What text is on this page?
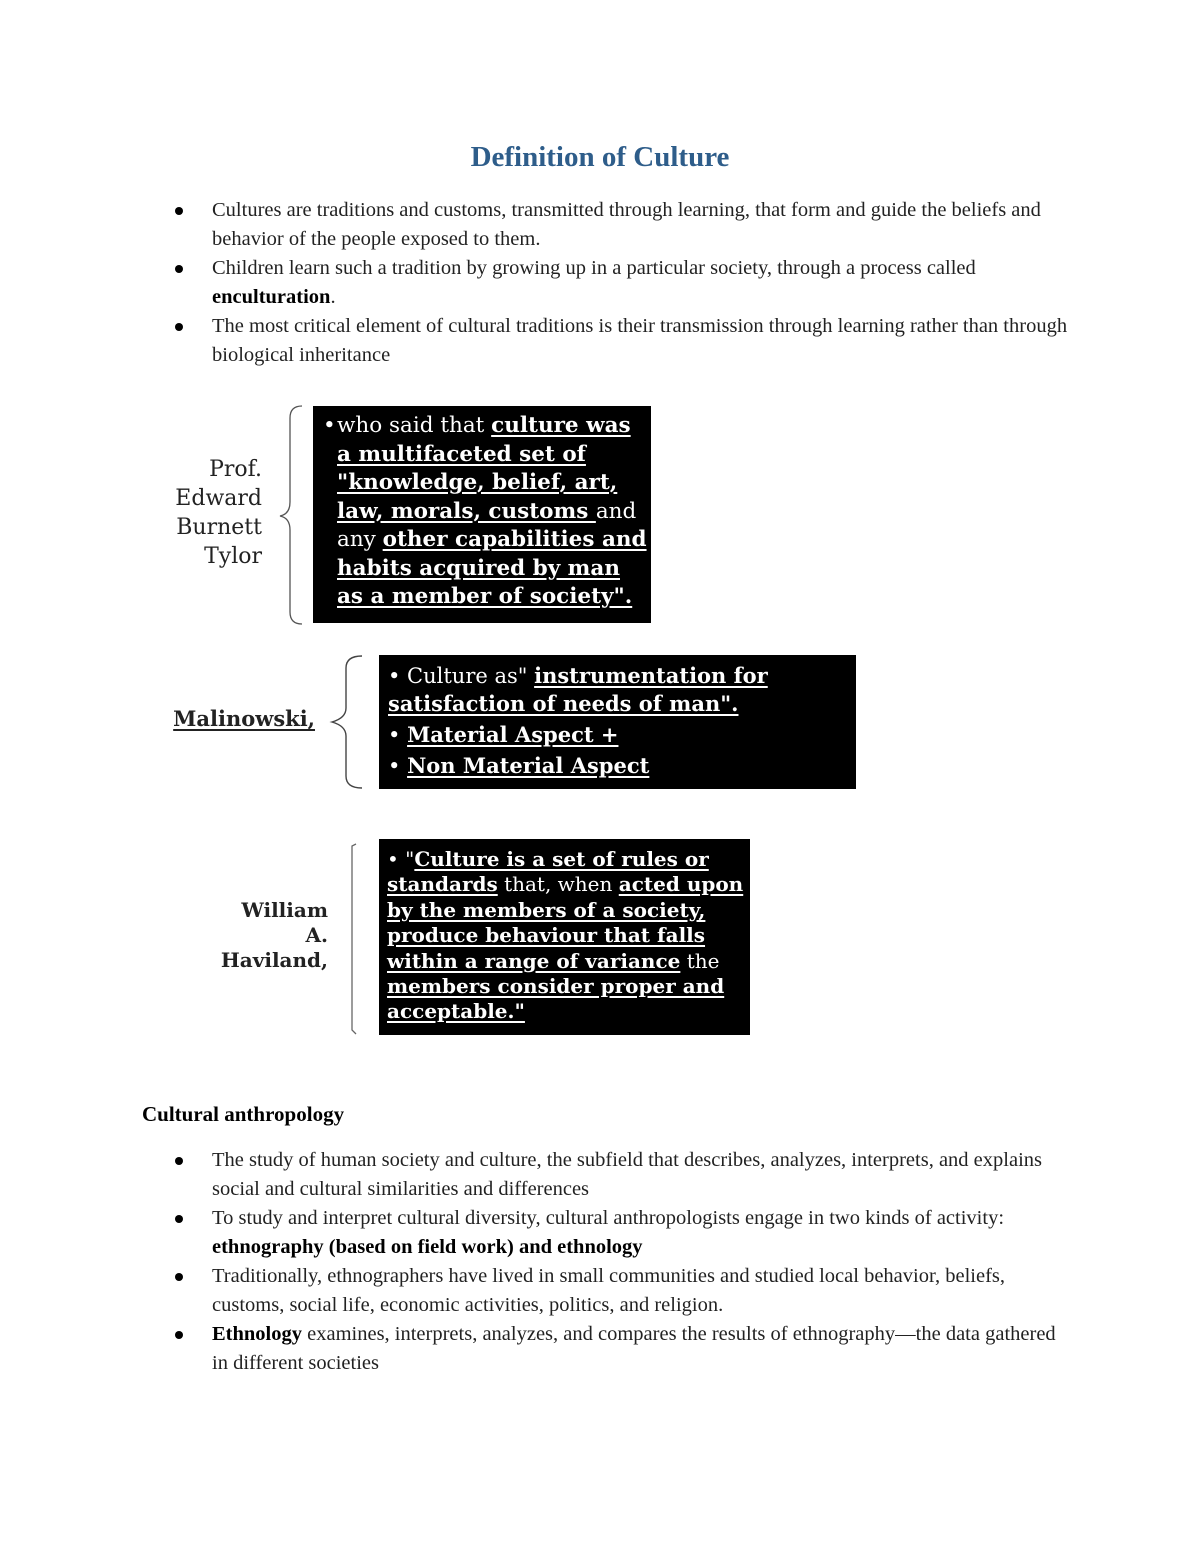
Definition of Culture
Cultures are traditions and customs, transmitted through learning, that form and guide the beliefs and behavior of the people exposed to them.
Children learn such a tradition by growing up in a particular society, through a process called enculturation.
The most critical element of cultural traditions is their transmission through learning rather than through biological inheritance
Prof.
Edward
Burnett
Tylor
• who said that culture was a multifaceted set of "knowledge, belief, art, law, morals, customs and any other capabilities and habits acquired by man as a member of society".
Malinowski,
• Culture as" instrumentation for satisfaction of needs of man".
• Material Aspect +
• Non Material Aspect
William
A.
Haviland,
• "Culture is a set of rules or standards that, when acted upon by the members of a society, produce behaviour that falls within a range of variance the members consider proper and acceptable."
Cultural anthropology
The study of human society and culture, the subfield that describes, analyzes, interprets, and explains social and cultural similarities and differences
To study and interpret cultural diversity, cultural anthropologists engage in two kinds of activity: ethnography (based on field work) and ethnology
Traditionally, ethnographers have lived in small communities and studied local behavior, beliefs, customs, social life, economic activities, politics, and religion.
Ethnology examines, interprets, analyzes, and compares the results of ethnography—the data gathered in different societies
